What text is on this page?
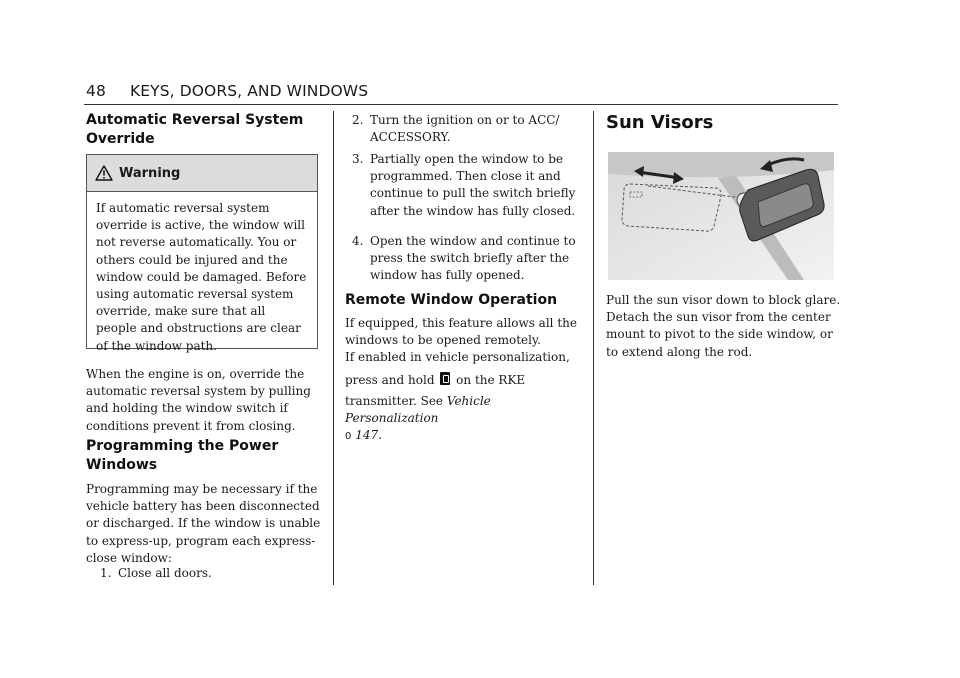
48 KEYS, DOORS, AND WINDOWS
Automatic Reversal System
Override
Warning
If automatic reversal system override is active, the window will not reverse automatically. You or others could be injured and the window could be damaged. Before using automatic reversal system override, make sure that all people and obstructions are clear of the window path.

When the engine is on, override the automatic reversal system by pulling and holding the window switch if conditions prevent it from closing.

Programming the Power
Windows

Programming may be necessary if the vehicle battery has been disconnected or discharged. If the window is unable to express-up, program each express-close window:

1. Close all doors.
2. Turn the ignition on or to ACC/ ACCESSORY.
3. Partially open the window to be programmed. Then close it and continue to pull the switch briefly after the window has fully closed.
4. Open the window and continue to press the switch briefly after the window has fully opened.
Remote Window Operation
If equipped, this feature allows all the windows to be opened remotely.
If enabled in vehicle personalization,
press and hold on the RKE
transmitter. See Vehicle Personalization
0 147.
Sun Visors

Pull the sun visor down to block glare. Detach the sun visor from the center mount to pivot to the side window, or to extend along the rod.
